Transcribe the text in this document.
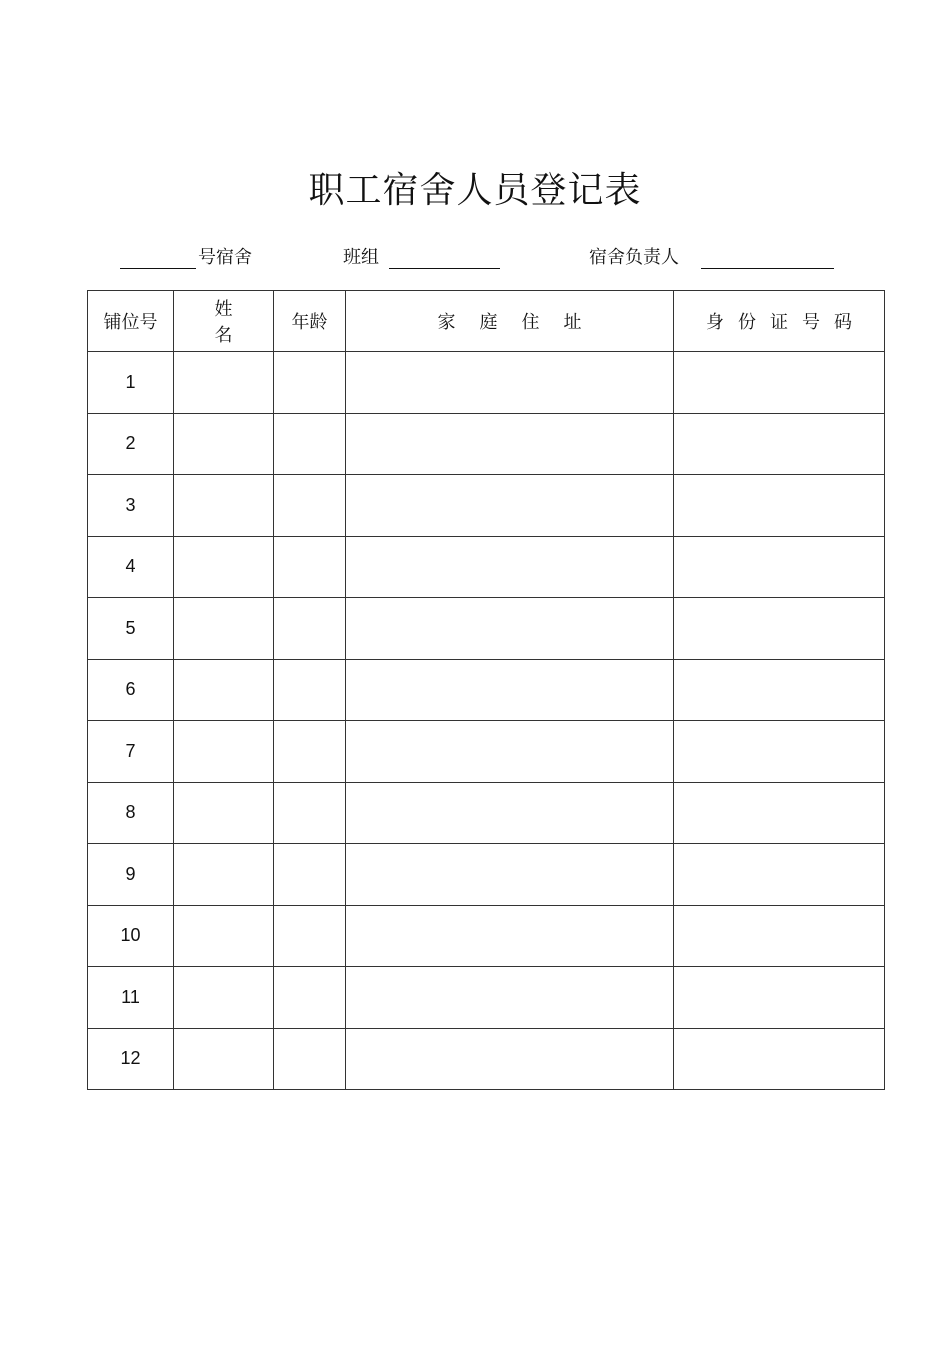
职工宿舍人员登记表
号宿舍	班组	宿舍负责人
铺位号	姓名	年龄	家庭住址	身份证号码
1				
2				
3				
4				
5				
6				
7				
8				
9				
10				
11				
12				
